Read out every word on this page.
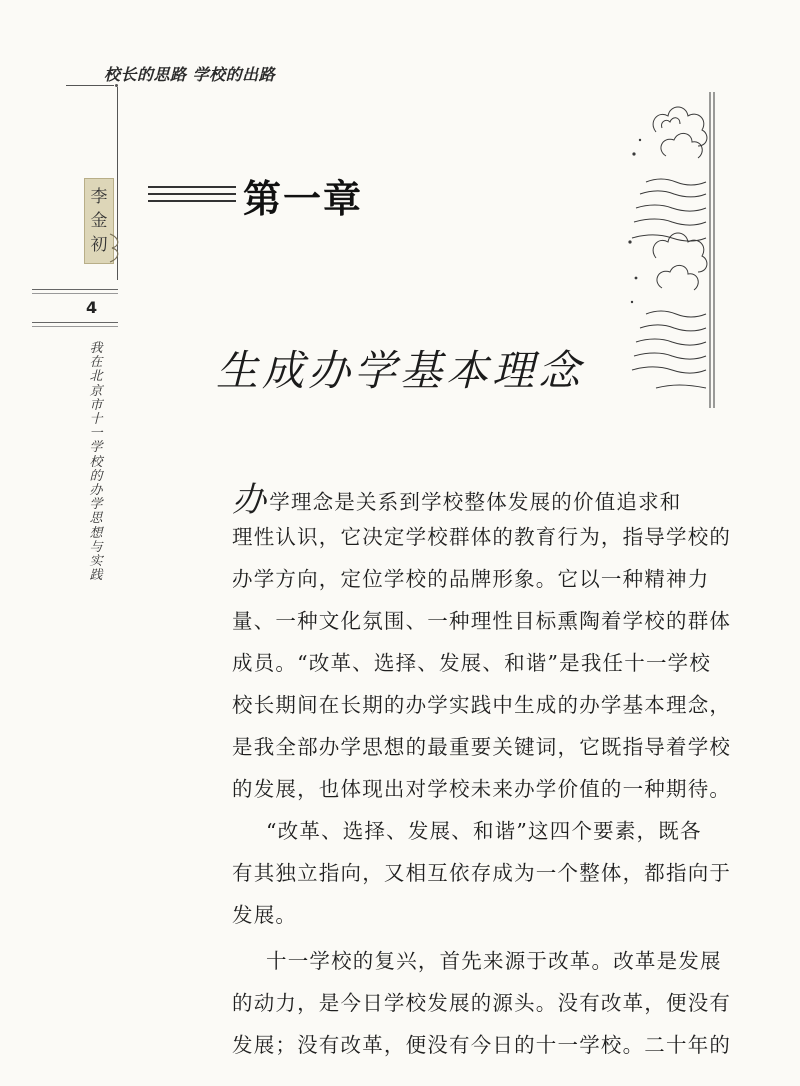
校长的思路 学校的出路
李
金
初
4
我
在
北
京
市
十
一
学
校
的
办
学
思
想
与
实
践
第一章
生成办学基本理念
办学理念是关系到学校整体发展的价值追求和
理性认识，它决定学校群体的教育行为，指导学校的
办学方向，定位学校的品牌形象。它以一种精神力
量、一种文化氛围、一种理性目标熏陶着学校的群体
成员。“改革、选择、发展、和谐”是我任十一学校
校长期间在长期的办学实践中生成的办学基本理念，
是我全部办学思想的最重要关键词，它既指导着学校
的发展，也体现出对学校未来办学价值的一种期待。
“改革、选择、发展、和谐”这四个要素，既各
有其独立指向，又相互依存成为一个整体，都指向于
发展。
十一学校的复兴，首先来源于改革。改革是发展
的动力，是今日学校发展的源头。没有改革，便没有
发展；没有改革，便没有今日的十一学校。二十年的
